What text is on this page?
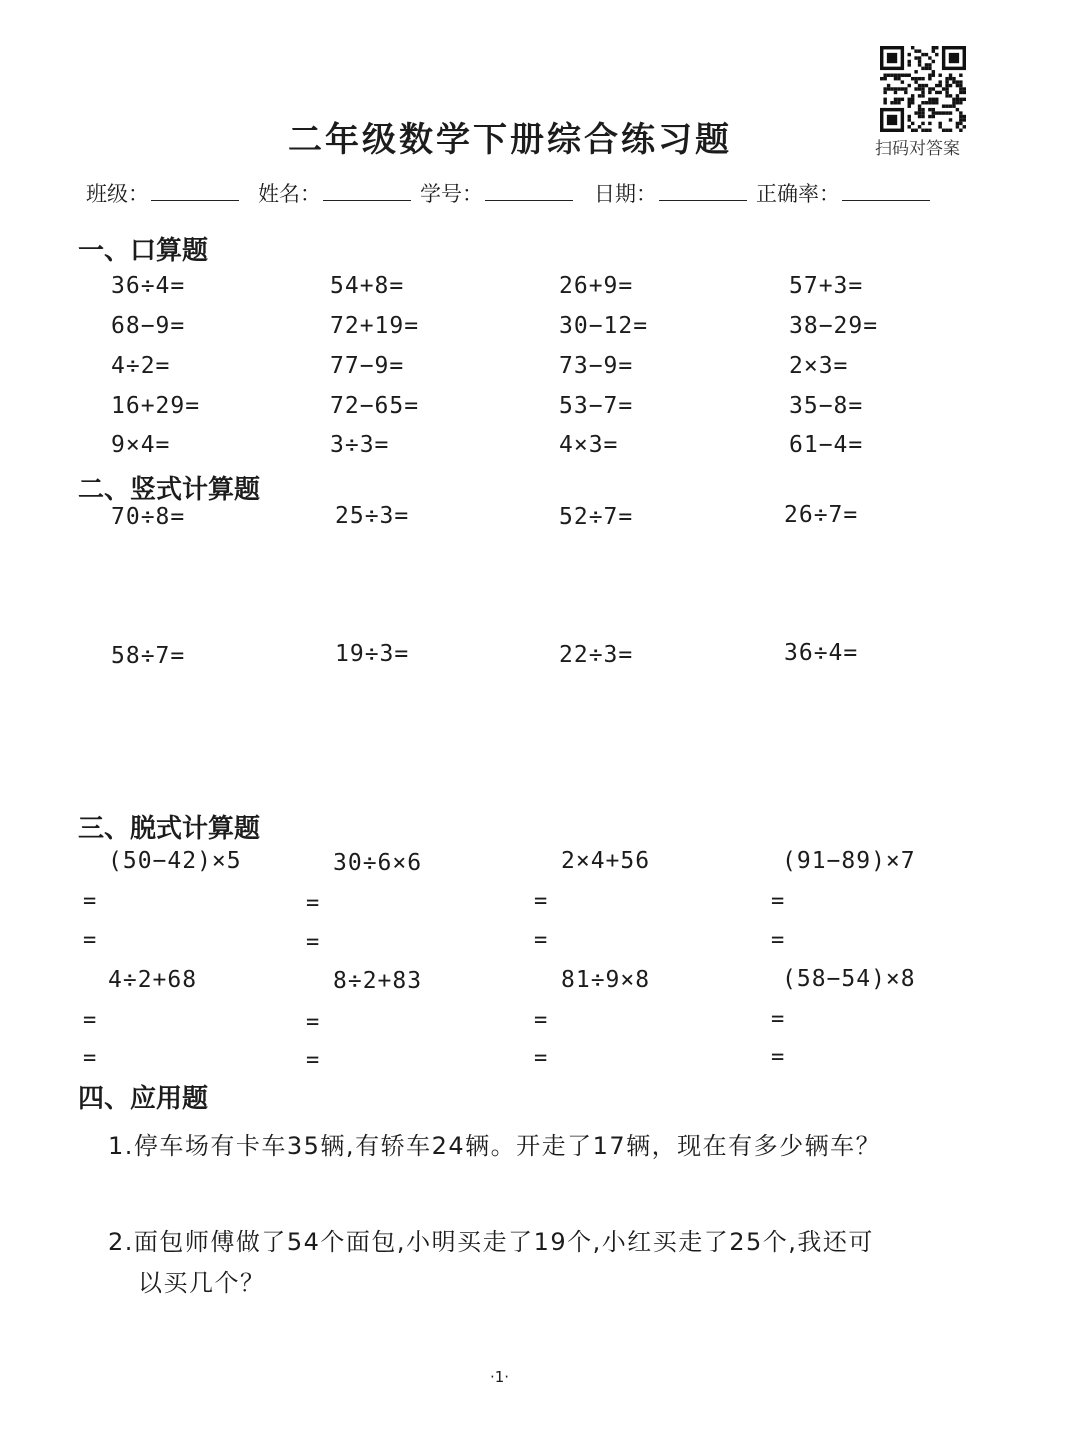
二年级数学下册综合练习题	扫码对答案
班级：	姓名：	学号：	日期：	正确率：
一、口算题
36÷4=	54+8=	26+9=	57+3=
68−9=	72+19=	30−12=	38−29=
4÷2=	77−9=	73−9=	2×3=
16+29=	72−65=	53−7=	35−8=
9×4=	3÷3=	4×3=	61−4=
二、竖式计算题
70÷8=	25÷3=	52÷7=	26÷7=
58÷7=	19÷3=	22÷3=	36÷4=
三、脱式计算题
(50−42)×5	30÷6×6	2×4+56	(91−89)×7
=	=	=	=
=	=	=	=
4÷2+68	8÷2+83	81÷9×8	(58−54)×8
=	=	=	=
=	=	=	=
四、应用题
1.停车场有卡车35辆,有轿车24辆。开走了17辆，现在有多少辆车？
2.面包师傅做了54个面包,小明买走了19个,小红买走了25个,我还可
以买几个？
·1·
